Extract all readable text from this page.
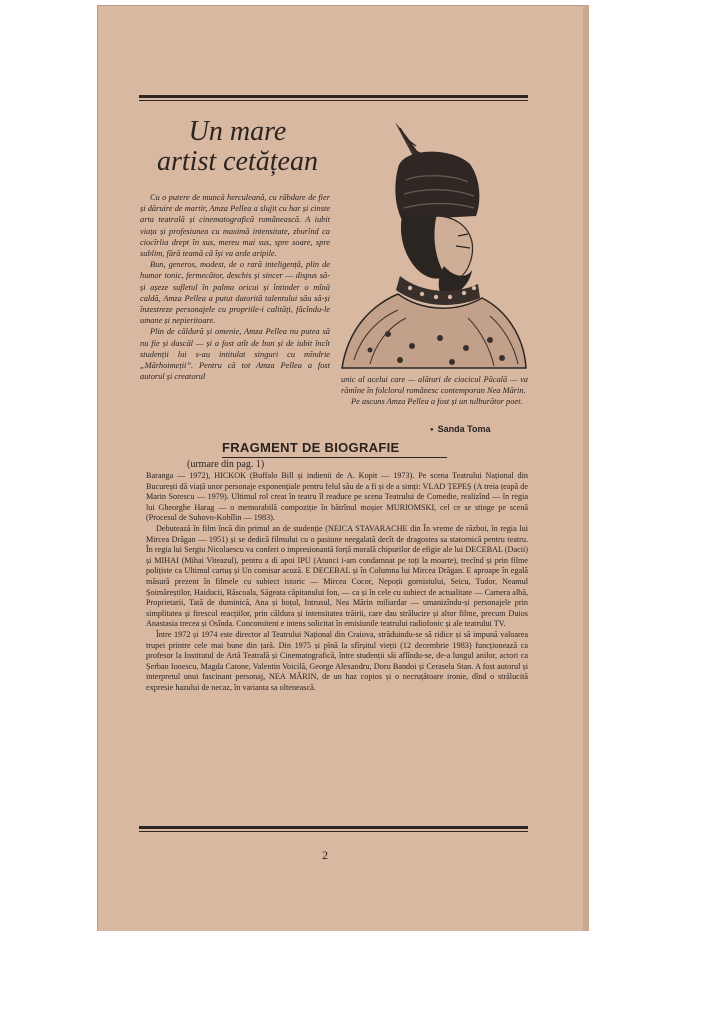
Un mare
artist cetățean

Cu o putere de muncă herculeană, cu răbdare de fier și dăruire de martir, Amza Pellea a slujit cu har și cinste arta teatrală și cinematografică românească. A iubit viața și profesiunea cu maximă intensitate, zburînd ca ciocîrlia drept în sus, mereu mai sus, spre soare, spre sublim, fără teamă că își va arde aripile.

Bun, generos, modest, de o rară inteligență, plin de humor tonic, fermecător, deschis și sincer — dispus să-și așeze sufletul în palma oricui și întinder o mînă caldă, Amza Pellea a putut datorită talentului său să-și înzestreze personajele cu propriile-i calități, făcîndu-le umane și nepieritoare.

Plin de căldură și omenie, Amza Pellea nu putea să nu fie și dascăl — și a fost atît de bun și de iubit încît studenții lui s-au intitulat singuri cu mîndrie „Mărhoimeții”. Pentru că tot Amza Pellea a fost autorul și creatorul	unic al acelui care — alături de ciocicul Păcală — va rămîne în folclorul românesc contemporan Nea Mărin.

Pe ascuns Amza Pellea a fost și un tulburător poet.

● Sanda Toma
FRAGMENT DE BIOGRAFIE
(urmare din pag. 1)

Baranga — 1972), HICKOK (Buffalo Bill și indienii de A. Kopit — 1973). Pe scena Teatrului Național din București dă viață unor personaje exponențiale pentru felul său de a fi și de a simți: VLAD ȚEPEȘ (A treia țeapă de Marin Sorescu — 1979). Ultimul rol creat în teatru îl readuce pe scena Teatrului de Comedie, realizînd — în regia lui Gheorghe Harag — o memorabilă compoziție în bătrînul moșier MURIOMSKI, cel ce se stinge pe scenă (Procesul de Suhovo-Kobîlin — 1983).

Debutează în film încă din primul an de studenție (NEICA STAVARACHE din În vreme de război, în regia lui Mircea Drăgan — 1951) și se dedică filmului cu o pasiune neegalată decît de dragostea sa statornică pentru teatru. În regia lui Sergiu Nicolaescu va conferi o impresionantă forță morală chipurilor de efigie ale lui DECEBAL (Dacii) și MIHAI (Mihai Viteazul), pentru a di apoi IPU (Atunci i-am condamnat pe toți la moarte), trecînd și prin filme polițiste ca Ultimul cartuș și Un comisar acuză. E DECEBAL și în Columna lui Mircea Drăgan. E aproape în egală măsură prezent în filmele cu subiect istoric — Mircea Cocor, Nepoții gornistului, Seicu, Tudor, Neamul Șoimăreștilor, Haiducii, Răscoala, Săgeata căpitanului Ion, — ca și în cele cu subiect de actualitate — Camera albă, Proprietarii, Tată de duminică, Ana și hoțul, Intrusul, Nea Mărin miliardar — umanizîndu-și personajele prin simplitatea și firescul reacțiilor, prin căldura și intensitatea trăirii, care dau strălucire și altor filme, precum Duios Anastasia trecea și Osînda. Concomitent e intens solicitat în emisiunile teatrului radiofonic și ale teatrului TV.

Între 1972 și 1974 este director al Teatrului Național din Craiova, străduindu-se să ridice și să impună valoarea trupei printre cele mai bune din țară. Din 1975 și pînă la sfîrșitul vieții (12 decembrie 1983) funcționează ca profesor la Institutul de Artă Teatrală și Cinematografică, între studenții săi aflîndu-se, de-a lungul anilor, actori ca Șerban Ionescu, Magda Catone, Valentin Voicilă, George Alexandru, Doru Bandoi și Cerasela Stan. A fost autorul și interpretul unui fascinant personaj, NEA MĂRIN, de un haz copios și o necruțătoare ironie, dînd o strălucită expresie hazului de necaz, în varianta sa oltenească.

2
